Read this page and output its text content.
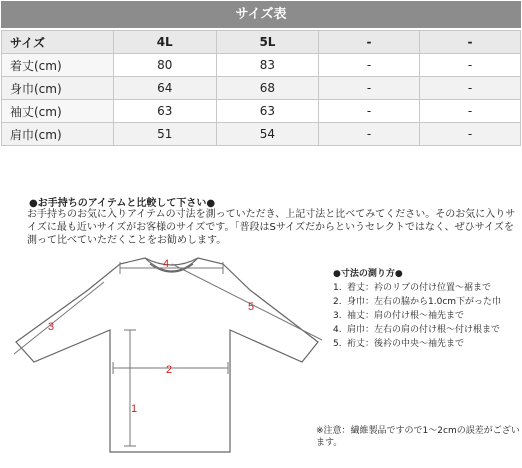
サイズ表
サイズ	4L	5L	-	-
着丈(cm)	80	83	-	-
身巾(cm)	64	68	-	-
袖丈(cm)	63	63	-	-
肩巾(cm)	51	54	-	-
●お手持ちのアイテムと比較して下さい●
お手持ちのお気に入りアイテムの寸法を測っていただき、上記寸法と比べてみてください。そのお気に入りサイズに最も近いサイズがお客様のサイズです。「普段はSサイズだからというセレクトではなく、ぜひサイズを測って比べていただくことをお勧めします。
1
2
3
4
5
●寸法の測り方●
1. 着丈：衿のリブの付け位置〜裾まで
2. 身巾：左右の脇から1.0cm下がった巾
3. 袖丈：肩の付け根〜袖先まで
4. 肩巾：左右の肩の付け根〜付け根まで
5. 裄丈：後衿の中央〜袖先まで
※注意：繊維製品ですので1〜2cmの誤差がございます。
